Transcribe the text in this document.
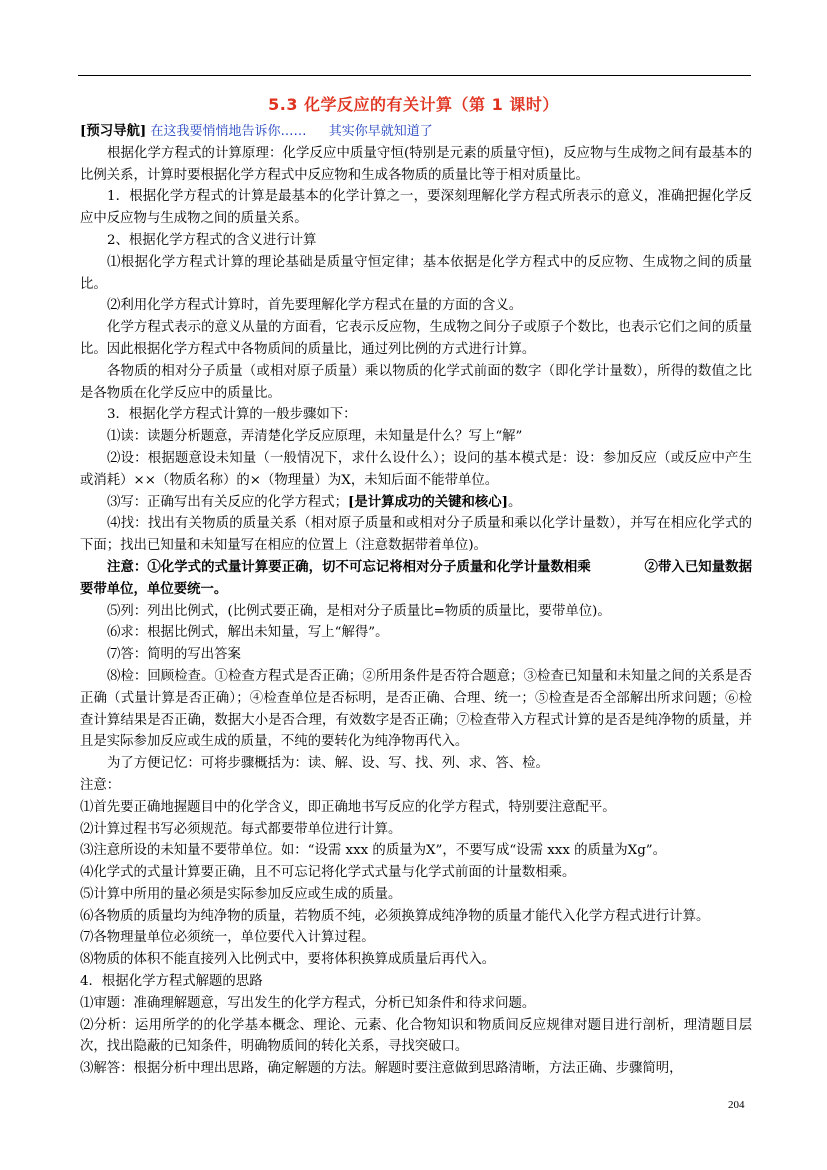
5.3 化学反应的有关计算（第 1 课时）

[预习导航] 在这我要悄悄地告诉你…… 其实你早就知道了

根据化学方程式的计算原理：化学反应中质量守恒(特别是元素的质量守恒)，反应物与生成物之间有最基本的比例关系，计算时要根据化学方程式中反应物和生成各物质的质量比等于相对质量比。

1．根据化学方程式的计算是最基本的化学计算之一，要深刻理解化学方程式所表示的意义，准确把握化学反应中反应物与生成物之间的质量关系。

2、根据化学方程式的含义进行计算

⑴根据化学方程式计算的理论基础是质量守恒定律；基本依据是化学方程式中的反应物、生成物之间的质量比。

⑵利用化学方程式计算时，首先要理解化学方程式在量的方面的含义。

化学方程式表示的意义从量的方面看，它表示反应物，生成物之间分子或原子个数比，也表示它们之间的质量比。因此根据化学方程式中各物质间的质量比，通过列比例的方式进行计算。

各物质的相对分子质量（或相对原子质量）乘以物质的化学式前面的数字（即化学计量数），所得的数值之比是各物质在化学反应中的质量比。

3．根据化学方程式计算的一般步骤如下：

⑴读：读题分析题意，弄清楚化学反应原理，未知量是什么？写上“解”

⑵设：根据题意设未知量（一般情况下，求什么设什么）；设问的基本模式是：设：参加反应（或反应中产生或消耗）××（物质名称）的×（物理量）为Χ，未知后面不能带单位。

⑶写：正确写出有关反应的化学方程式；[是计算成功的关键和核心]。

⑷找：找出有关物质的质量关系（相对原子质量和或相对分子质量和乘以化学计量数），并写在相应化学式的下面；找出已知量和未知量写在相应的位置上（注意数据带着单位)。

注意：①化学式的式量计算要正确，切不可忘记将相对分子质量和化学计量数相乘　　　　②带入已知量数据要带单位，单位要统一。

⑸列：列出比例式，(比例式要正确，是相对分子质量比=物质的质量比，要带单位)。

⑹求：根据比例式，解出未知量，写上“解得”。

⑺答：简明的写出答案

⑻检：回顾检查。①检查方程式是否正确；②所用条件是否符合题意；③检查已知量和未知量之间的关系是否正确（式量计算是否正确）；④检查单位是否标明，是否正确、合理、统一；⑤检查是否全部解出所求问题；⑥检查计算结果是否正确，数据大小是否合理，有效数字是否正确；⑦检查带入方程式计算的是否是纯净物的质量，并且是实际参加反应或生成的质量，不纯的要转化为纯净物再代入。

为了方便记忆：可将步骤概括为：读、解、设、写、找、列、求、答、检。

注意：

⑴首先要正确地握题目中的化学含义，即正确地书写反应的化学方程式，特别要注意配平。

⑵计算过程书写必须规范。每式都要带单位进行计算。

⑶注意所设的未知量不要带单位。如：“设需 xxx 的质量为Χ”，不要写成“设需 xxx 的质量为Χg”。

⑷化学式的式量计算要正确，且不可忘记将化学式式量与化学式前面的计量数相乘。

⑸计算中所用的量必须是实际参加反应或生成的质量。

⑹各物质的质量均为纯净物的质量，若物质不纯，必须换算成纯净物的质量才能代入化学方程式进行计算。

⑺各物理量单位必须统一，单位要代入计算过程。

⑻物质的体积不能直接列入比例式中，要将体积换算成质量后再代入。

4．根据化学方程式解题的思路

⑴审题：准确理解题意，写出发生的化学方程式，分析已知条件和待求问题。

⑵分析：运用所学的的化学基本概念、理论、元素、化合物知识和物质间反应规律对题目进行剖析，理清题目层次，找出隐蔽的已知条件，明确物质间的转化关系，寻找突破口。

⑶解答：根据分析中理出思路，确定解题的方法。解题时要注意做到思路清晰，方法正确、步骤简明，

204
